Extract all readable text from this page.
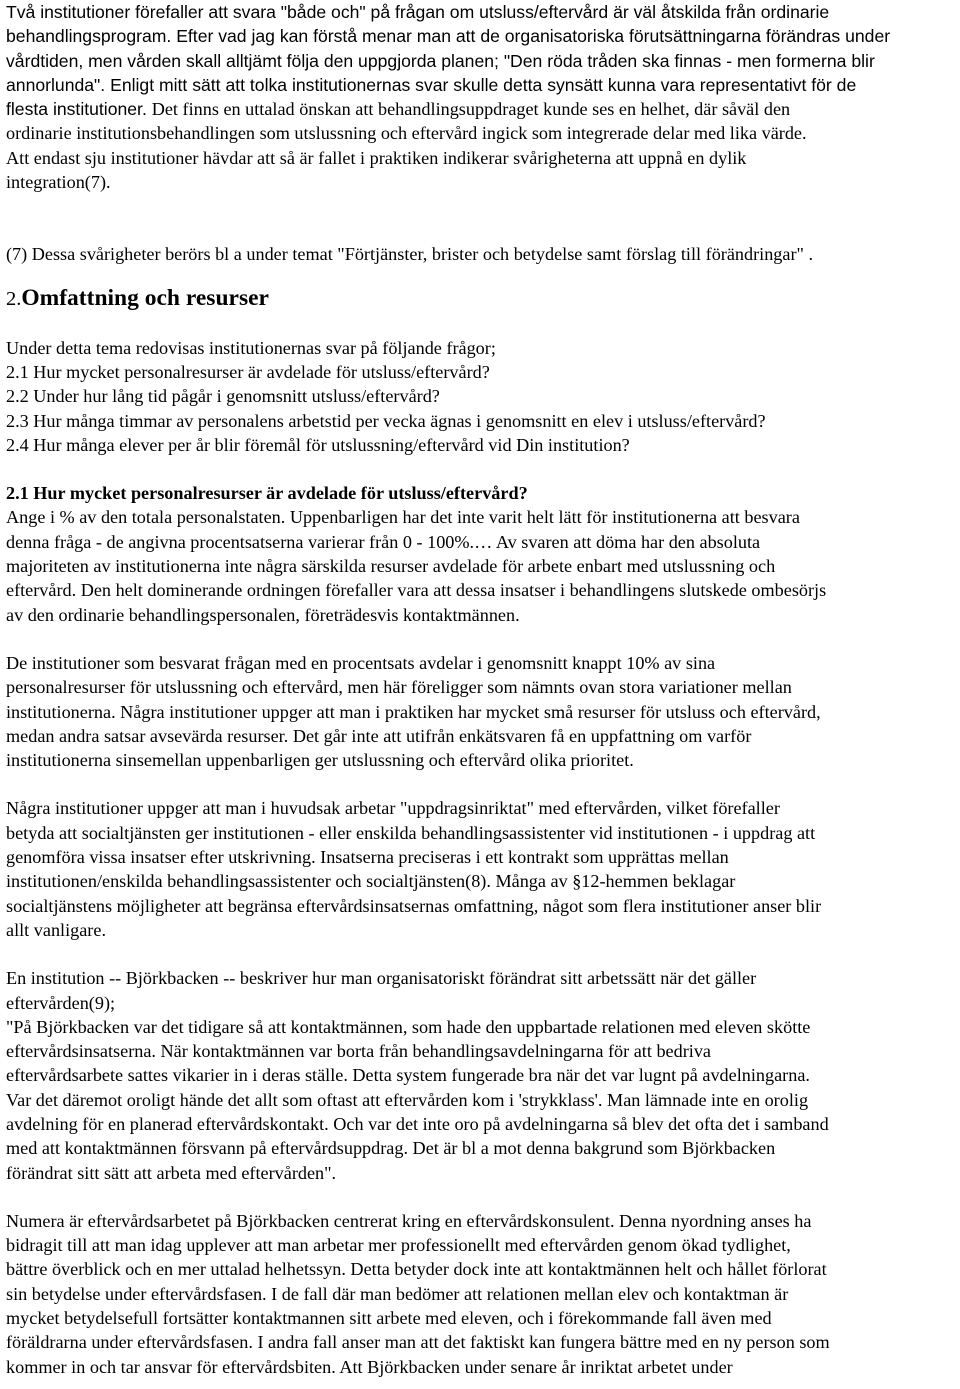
Två institutioner förefaller att svara "både och" på frågan om utsluss/eftervård är väl åtskilda från ordinarie
behandlingsprogram. Efter vad jag kan förstå menar man att de organisatoriska förutsättningarna förändras under
vårdtiden, men vården skall alltjämt följa den uppgjorda planen; "Den röda tråden ska finnas - men formerna blir
annorlunda". Enligt mitt sätt att tolka institutionernas svar skulle detta synsätt kunna vara representativt för de
flesta institutioner. Det finns en uttalad önskan att behandlingsuppdraget kunde ses en helhet, där såväl den
ordinarie institutionsbehandlingen som utslussning och eftervård ingick som integrerade delar med lika värde.
Att endast sju institutioner hävdar att så är fallet i praktiken indikerar svårigheterna att uppnå en dylik
integration(7).

(7) Dessa svårigheter berörs bl a under temat "Förtjänster, brister och betydelse samt förslag till förändringar" .

2.Omfattning och resurser
Under detta tema redovisas institutionernas svar på följande frågor;
2.1 Hur mycket personalresurser är avdelade för utsluss/eftervård?
2.2 Under hur lång tid pågår i genomsnitt utsluss/eftervård?
2.3 Hur många timmar av personalens arbetstid per vecka ägnas i genomsnitt en elev i utsluss/eftervård?
2.4 Hur många elever per år blir föremål för utslussning/eftervård vid Din institution?
2.1 Hur mycket personalresurser är avdelade för utsluss/eftervård?
Ange i % av den totala personalstaten. Uppenbarligen har det inte varit helt lätt för institutionerna att besvara
denna fråga - de angivna procentsatserna varierar från 0 - 100%.… Av svaren att döma har den absoluta
majoriteten av institutionerna inte några särskilda resurser avdelade för arbete enbart med utslussning och
eftervård. Den helt dominerande ordningen förefaller vara att dessa insatser i behandlingens slutskede ombesörjs
av den ordinarie behandlingspersonalen, företrädesvis kontaktmännen.
De institutioner som besvarat frågan med en procentsats avdelar i genomsnitt knappt 10% av sina
personalresurser för utslussning och eftervård, men här föreligger som nämnts ovan stora variationer mellan
institutionerna. Några institutioner uppger att man i praktiken har mycket små resurser för utsluss och eftervård,
medan andra satsar avsevärda resurser. Det går inte att utifrån enkätsvaren få en uppfattning om varför
institutionerna sinsemellan uppenbarligen ger utslussning och eftervård olika prioritet.
Några institutioner uppger att man i huvudsak arbetar "uppdragsinriktat" med eftervården, vilket förefaller
betyda att socialtjänsten ger institutionen - eller enskilda behandlingsassistenter vid institutionen - i uppdrag att
genomföra vissa insatser efter utskrivning. Insatserna preciseras i ett kontrakt som upprättas mellan
institutionen/enskilda behandlingsassistenter och socialtjänsten(8). Många av §12-hemmen beklagar
socialtjänstens möjligheter att begränsa eftervårdsinsatsernas omfattning, något som flera institutioner anser blir
allt vanligare.
En institution -- Björkbacken -- beskriver hur man organisatoriskt förändrat sitt arbetssätt när det gäller
eftervården(9);
"På Björkbacken var det tidigare så att kontaktmännen, som hade den uppbartade relationen med eleven skötte
eftervårdsinsatserna. När kontaktmännen var borta från behandlingsavdelningarna för att bedriva
eftervårdsarbete sattes vikarier in i deras ställe. Detta system fungerade bra när det var lugnt på avdelningarna.
Var det däremot oroligt hände det allt som oftast att eftervården kom i 'strykklass'. Man lämnade inte en orolig
avdelning för en planerad eftervårdskontakt. Och var det inte oro på avdelningarna så blev det ofta det i samband
med att kontaktmännen försvann på eftervårdsuppdrag. Det är bl a mot denna bakgrund som Björkbacken
förändrat sitt sätt att arbeta med eftervården".
Numera är eftervårdsarbetet på Björkbacken centrerat kring en eftervårdskonsulent. Denna nyordning anses ha
bidragit till att man idag upplever att man arbetar mer professionellt med eftervården genom ökad tydlighet,
bättre överblick och en mer uttalad helhetssyn. Detta betyder dock inte att kontaktmännen helt och hållet förlorat
sin betydelse under eftervårdsfasen. I de fall där man bedömer att relationen mellan elev och kontaktman är
mycket betydelsefull fortsätter kontaktmannen sitt arbete med eleven, och i förekommande fall även med
föräldrarna under eftervårdsfasen. I andra fall anser man att det faktiskt kan fungera bättre med en ny person som
kommer in och tar ansvar för eftervårdsbiten. Att Björkbacken under senare år inriktat arbetet under
